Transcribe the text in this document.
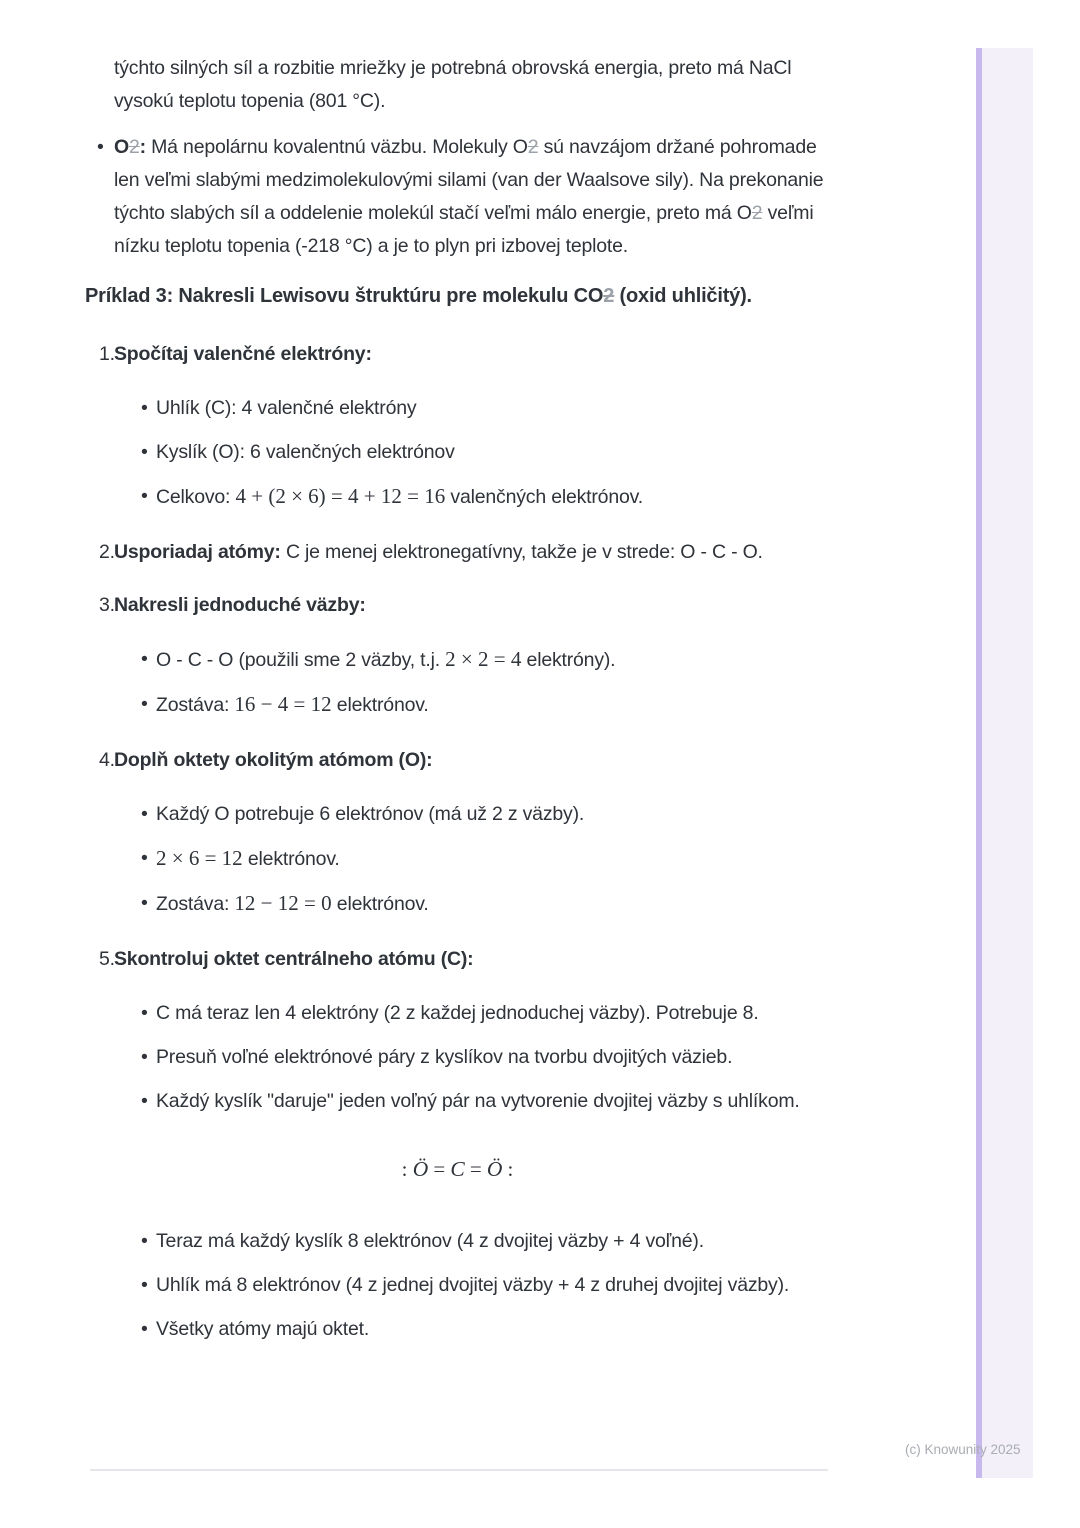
týchto silných síl a rozbitie mriežky je potrebná obrovská energia, preto má NaCl vysokú teplotu topenia (801 °C).
• O2: Má nepolárnu kovalentnú väzbu. Molekuly O2 sú navzájom držané pohromade len veľmi slabými medzimolekulovými silami (van der Waalsove sily). Na prekonanie týchto slabých síl a oddelenie molekúl stačí veľmi málo energie, preto má O2 veľmi nízku teplotu topenia (-218 °C) a je to plyn pri izbovej teplote.
Príklad 3: Nakresli Lewisovu štruktúru pre molekulu CO2 (oxid uhličitý).
1. Spočítaj valenčné elektróny:
• Uhlík (C): 4 valenčné elektróny
• Kyslík (O): 6 valenčných elektrónov
• Celkovo: 4 + (2 × 6) = 4 + 12 = 16 valenčných elektrónov.
2. Usporiadaj atómy: C je menej elektronegatívny, takže je v strede: O - C - O.
3. Nakresli jednoduché väzby:
• O - C - O (použili sme 2 väzby, t.j. 2 × 2 = 4 elektróny).
• Zostáva: 16 − 4 = 12 elektrónov.
4. Doplň oktety okolitým atómom (O):
• Každý O potrebuje 6 elektrónov (má už 2 z väzby).
• 2 × 6 = 12 elektrónov.
• Zostáva: 12 − 12 = 0 elektrónov.
5. Skontroluj oktet centrálneho atómu (C):
• C má teraz len 4 elektróny (2 z každej jednoduchej väzby). Potrebuje 8.
• Presuň voľné elektrónové páry z kyslíkov na tvorbu dvojitých väzieb.
• Každý kyslík "daruje" jeden voľný pár na vytvorenie dvojitej väzby s uhlíkom.
: Ö = C = Ö :
• Teraz má každý kyslík 8 elektrónov (4 z dvojitej väzby + 4 voľné).
• Uhlík má 8 elektrónov (4 z jednej dvojitej väzby + 4 z druhej dvojitej väzby).
• Všetky atómy majú oktet.
(c) Knowunity 2025
